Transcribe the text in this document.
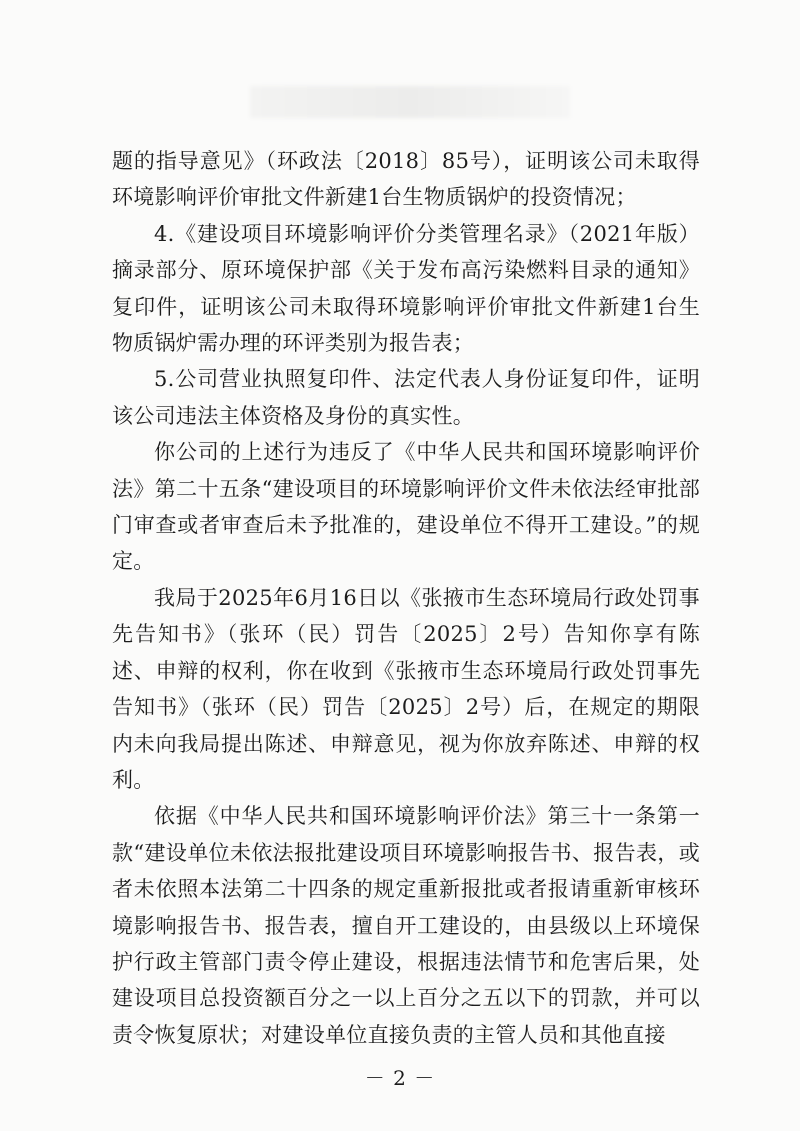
题的指导意见》（环政法〔2018〕85号），证明该公司未取得环境影响评价审批文件新建1台生物质锅炉的投资情况；

4.《建设项目环境影响评价分类管理名录》（2021年版）摘录部分、原环境保护部《关于发布高污染燃料目录的通知》复印件，证明该公司未取得环境影响评价审批文件新建1台生物质锅炉需办理的环评类别为报告表；

5.公司营业执照复印件、法定代表人身份证复印件，证明该公司违法主体资格及身份的真实性。

你公司的上述行为违反了《中华人民共和国环境影响评价法》第二十五条“建设项目的环境影响评价文件未依法经审批部门审查或者审查后未予批准的，建设单位不得开工建设。”的规定。

我局于2025年6月16日以《张掖市生态环境局行政处罚事先告知书》（张环（民）罚告〔2025〕2号）告知你享有陈述、申辩的权利，你在收到《张掖市生态环境局行政处罚事先告知书》（张环（民）罚告〔2025〕2号）后，在规定的期限内未向我局提出陈述、申辩意见，视为你放弃陈述、申辩的权利。

依据《中华人民共和国环境影响评价法》第三十一条第一款“建设单位未依法报批建设项目环境影响报告书、报告表，或者未依照本法第二十四条的规定重新报批或者报请重新审核环境影响报告书、报告表，擅自开工建设的，由县级以上环境保护行政主管部门责令停止建设，根据违法情节和危害后果，处建设项目总投资额百分之一以上百分之五以下的罚款，并可以责令恢复原状；对建设单位直接负责的主管人员和其他直接

－ 2 －
